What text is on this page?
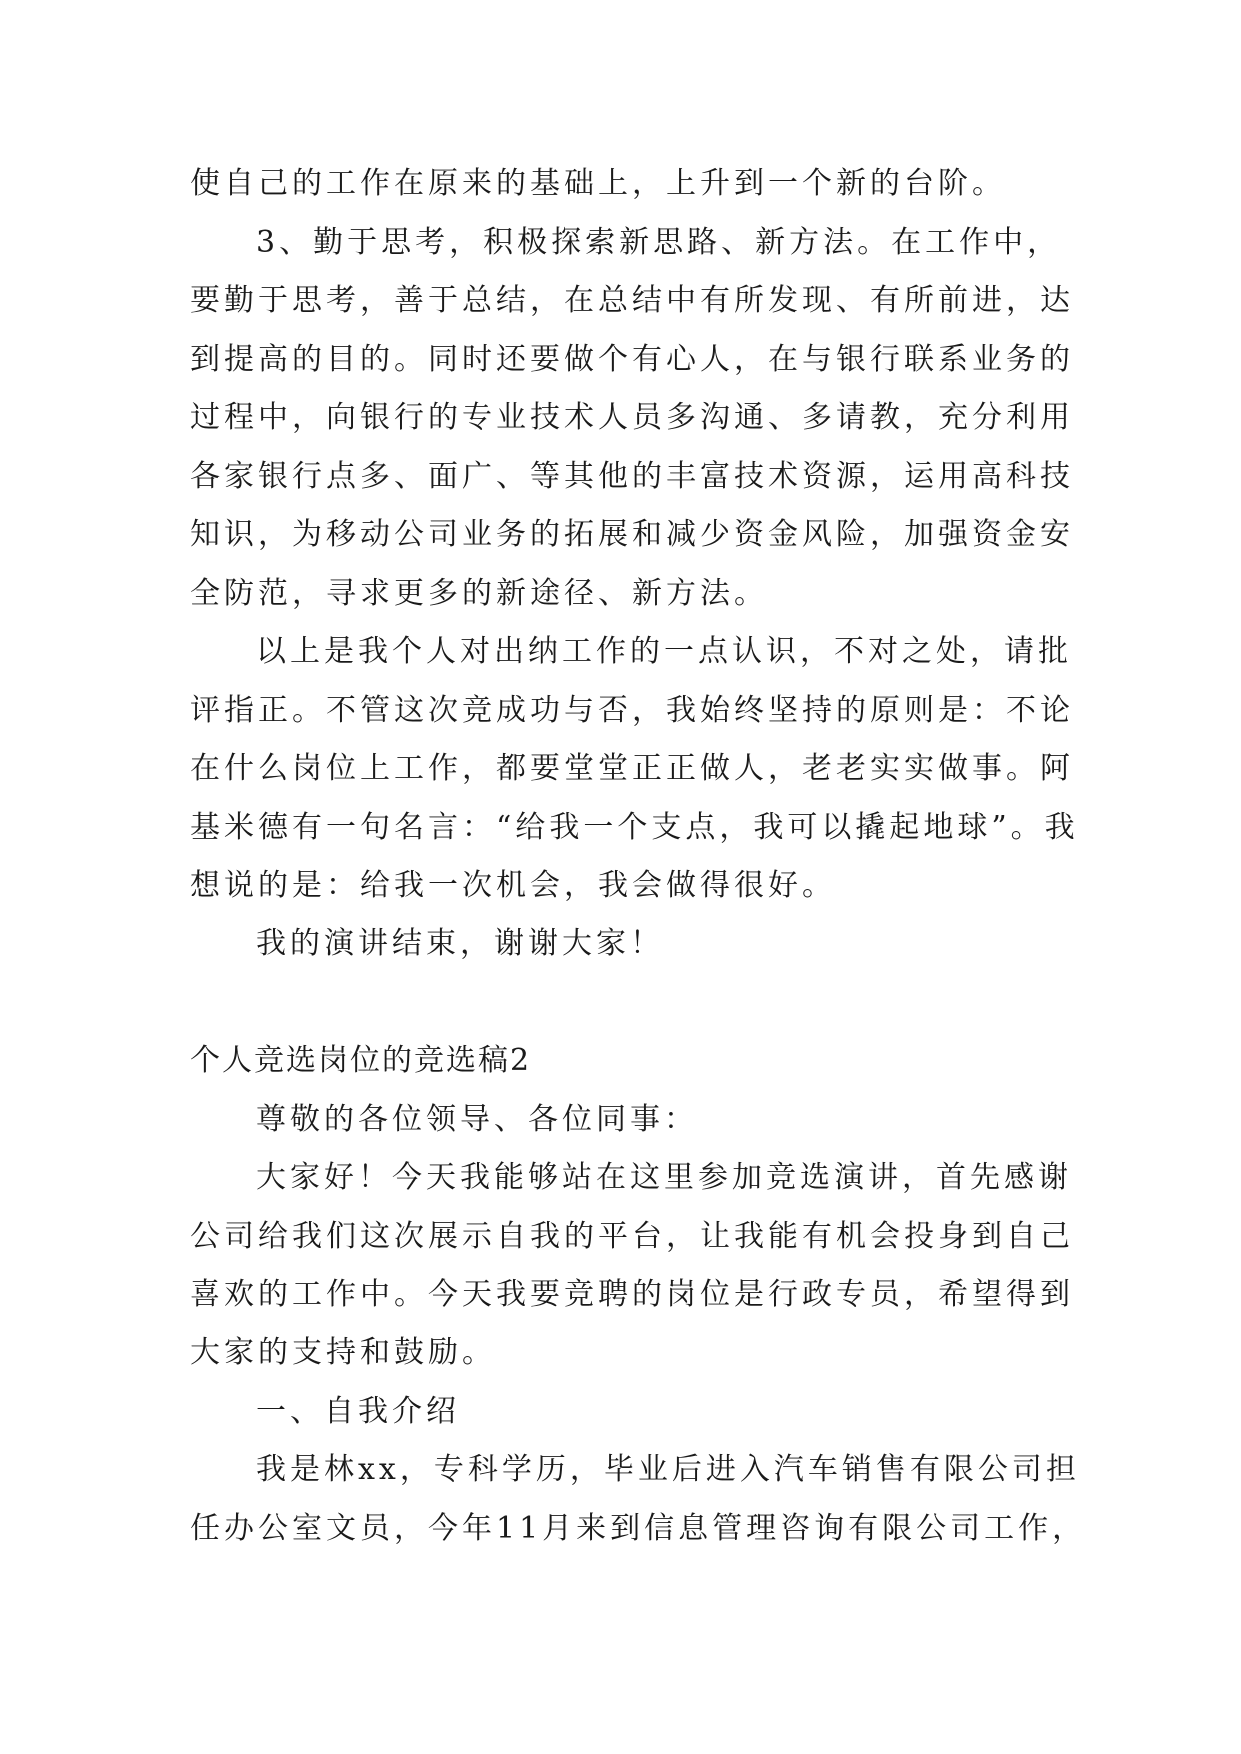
使自己的工作在原来的基础上，上升到一个新的台阶。
3、勤于思考，积极探索新思路、新方法。在工作中，
要勤于思考，善于总结，在总结中有所发现、有所前进，达
到提高的目的。同时还要做个有心人，在与银行联系业务的
过程中，向银行的专业技术人员多沟通、多请教，充分利用
各家银行点多、面广、等其他的丰富技术资源，运用高科技
知识，为移动公司业务的拓展和减少资金风险，加强资金安
全防范，寻求更多的新途径、新方法。
以上是我个人对出纳工作的一点认识，不对之处，请批
评指正。不管这次竞成功与否，我始终坚持的原则是：不论
在什么岗位上工作，都要堂堂正正做人，老老实实做事。阿
基米德有一句名言：“给我一个支点，我可以撬起地球”。我
想说的是：给我一次机会，我会做得很好。
我的演讲结束，谢谢大家！
个人竞选岗位的竞选稿2
尊敬的各位领导、各位同事：
大家好！今天我能够站在这里参加竞选演讲，首先感谢
公司给我们这次展示自我的平台，让我能有机会投身到自己
喜欢的工作中。今天我要竞聘的岗位是行政专员，希望得到
大家的支持和鼓励。
一、自我介绍
我是林xx，专科学历，毕业后进入汽车销售有限公司担
任办公室文员，今年11月来到信息管理咨询有限公司工作，
